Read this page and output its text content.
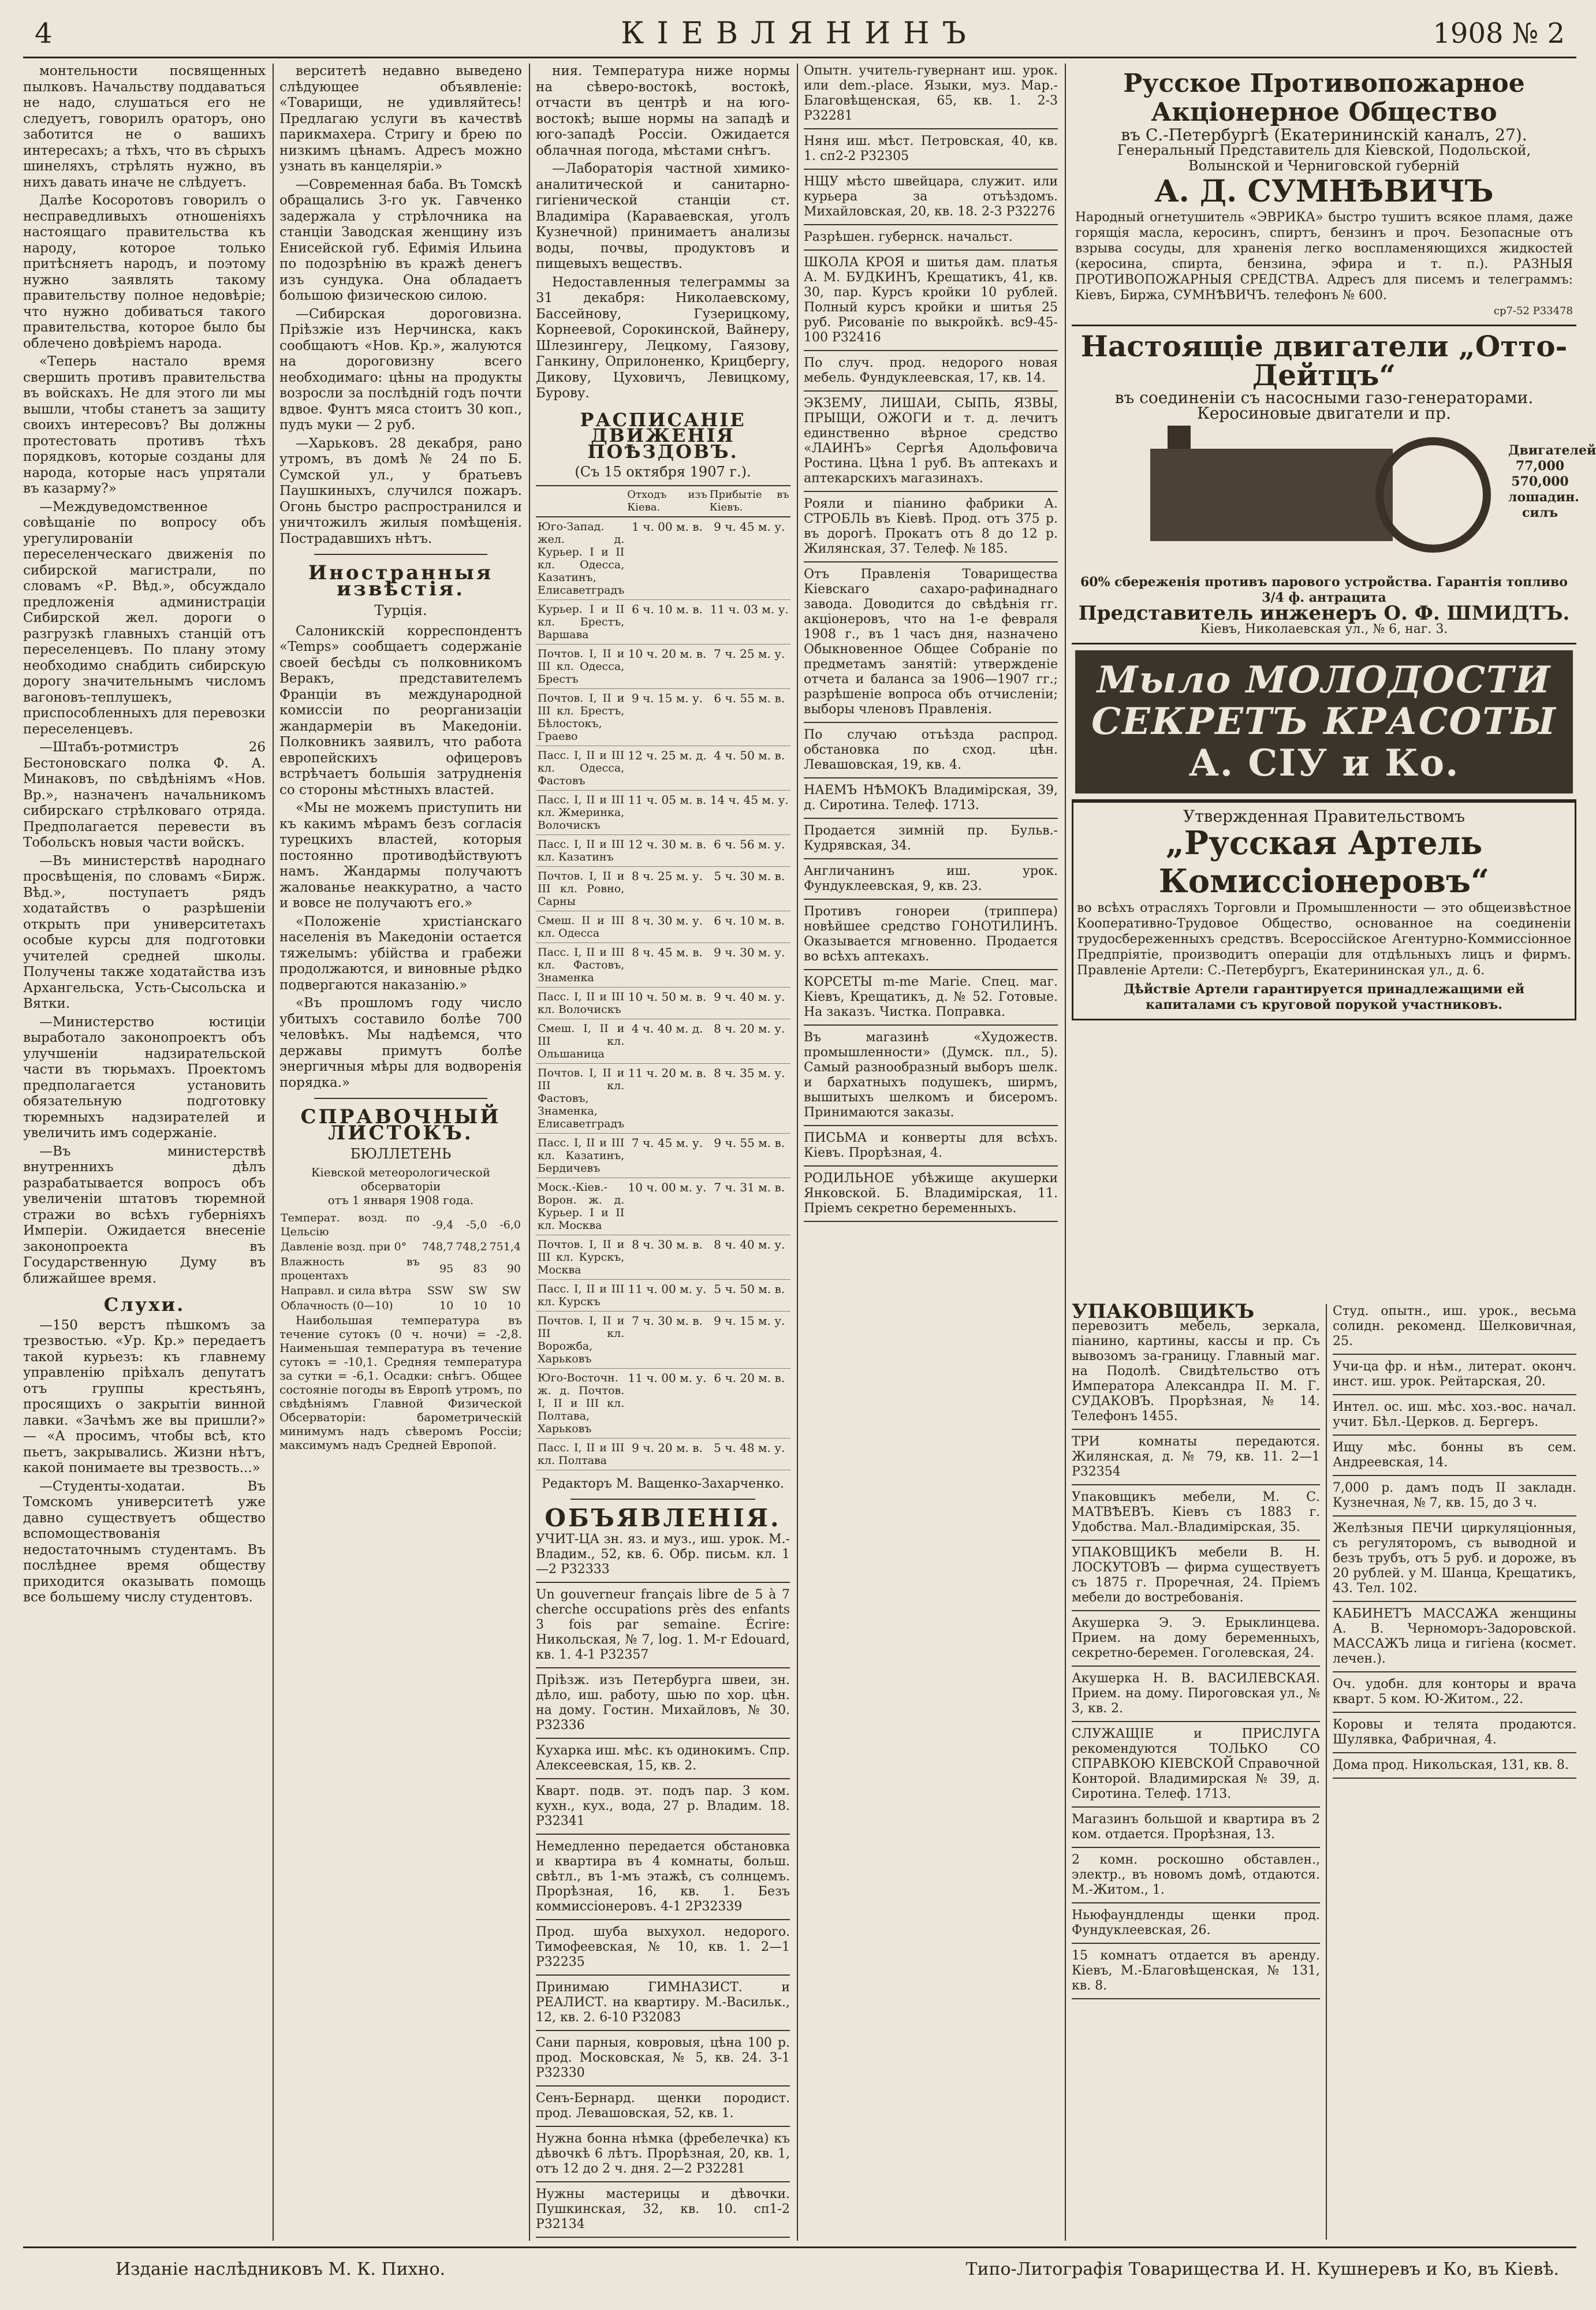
4	КІЕВЛЯНИНЪ	1908 № 2

монтельности посвященных пылковъ. Начальству поддаваться не надо, слушаться его не следуетъ, говорилъ ораторъ, оно заботится не о вашихъ интересахъ; а тѣхъ, что въ сѣрыхъ шинеляхъ, стрѣлять нужно, въ нихъ давать иначе не слѣдуетъ.

Далѣе Косоротовъ говорилъ о несправедливыхъ отношеніяхъ настоящаго правительства къ народу, которое только притѣсняетъ народъ, и поэтому нужно заявлять такому правительству полное недовѣріе; что нужно добиваться такого правительства, которое было бы облечено довѣріемъ народа.

«Теперь настало время свершить противъ правительства въ войскахъ. Не для этого ли мы вышли, чтобы станетъ за защиту своихъ интересовъ? Вы должны протестовать противъ тѣхъ порядковъ, которые созданы для народа, которые насъ упрятали въ казарму?»

—Междуведомственное совѣщаніе по вопросу объ урегулированіи переселенческаго движенія по сибирской магистрали, по словамъ «Р. Вѣд.», обсуждало предложенія администраціи Сибирской жел. дороги о разгрузкѣ главныхъ станцій отъ переселенцевъ. По плану этому необходимо снабдить сибирскую дорогу значительнымъ числомъ вагоновъ-теплушекъ, приспособленныхъ для перевозки переселенцевъ.

—Штабъ-ротмистръ 26 Бестоновскаго полка Ф. А. Минаковъ, по свѣдѣніямъ «Нов. Вр.», назначенъ начальникомъ сибирскаго стрѣлковаго отряда. Предполагается перевести въ Тобольскъ новыя части войскъ.

—Въ министерствѣ народнаго просвѣщенія, по словамъ «Бирж. Вѣд.», поступаетъ рядъ ходатайствъ о разрѣшеніи открыть при университетахъ особые курсы для подготовки учителей средней школы. Получены также ходатайства изъ Архангельска, Усть-Сысольска и Вятки.

—Министерство юстиціи выработало законопроектъ объ улучшеніи надзирательской части въ тюрьмахъ. Проектомъ предполагается установить обязательную подготовку тюремныхъ надзирателей и увеличить имъ содержаніе.

—Въ министерствѣ внутреннихъ дѣлъ разрабатывается вопросъ объ увеличеніи штатовъ тюремной стражи во всѣхъ губерніяхъ Имперіи. Ожидается внесеніе законопроекта въ Государственную Думу въ ближайшее время.

Слухи.

—150 верстъ пѣшкомъ за трезвостью. «Ур. Кр.» передаетъ такой курьезъ: къ главнему управленію пріѣхалъ депутатъ отъ группы крестьянъ, просящихъ о закрытіи винной лавки. «Зачѣмъ же вы пришли?» — «А просимъ, чтобы всѣ, кто пьетъ, закрывались. Жизни нѣтъ, какой понимаете вы трезвость...»

—Студенты-ходатаи. Въ Томскомъ университетѣ уже давно существуетъ общество вспомоществованія недостаточнымъ студентамъ. Въ послѣднее время обществу приходится оказывать помощь все большему числу студентовъ.

верситетѣ недавно выведено слѣдующее объявленіе: «Товарищи, не удивляйтесь! Предлагаю услуги въ качествѣ парикмахера. Стригу и брею по низкимъ цѣнамъ. Адресъ можно узнать въ канцеляріи.»

—Современная баба. Въ Томскѣ обращались 3-го ук. Гавченко задержала у стрѣлочника на станціи Заводская женщину изъ Енисейской губ. Ефимія Ильина по подозрѣнію въ кражѣ денегъ изъ сундука. Она обладаетъ большою физическою силою.

—Сибирская дороговизна. Пріѣзжіе изъ Нерчинска, какъ сообщаютъ «Нов. Кр.», жалуются на дороговизну всего необходимаго: цѣны на продукты возросли за послѣдній годъ почти вдвое. Фунтъ мяса стоитъ 30 коп., пудъ муки — 2 руб.

—Харьковъ. 28 декабря, рано утромъ, въ домѣ № 24 по Б. Сумской ул., у братьевъ Паушкиныхъ, случился пожаръ. Огонь быстро распространился и уничтожилъ жилыя помѣщенія. Пострадавшихъ нѣтъ.

Иностранныя извѣстія.
Турція.

Салоникскій корреспондентъ «Temps» сообщаетъ содержаніе своей бесѣды съ полковникомъ Веракъ, представителемъ Франціи въ международной комиссіи по реорганизаціи жандармеріи въ Македоніи. Полковникъ заявилъ, что работа европейскихъ офицеровъ встрѣчаетъ большія затрудненія со стороны мѣстныхъ властей.

«Мы не можемъ приступить ни къ какимъ мѣрамъ безъ согласія турецкихъ властей, которыя постоянно противодѣйствуютъ намъ. Жандармы получаютъ жалованье неаккуратно, а часто и вовсе не получаютъ его.»

«Положеніе христіанскаго населенія въ Македоніи остается тяжелымъ: убійства и грабежи продолжаются, и виновные рѣдко подвергаются наказанію.»

«Въ прошломъ году число убитыхъ составило болѣе 700 человѣкъ. Мы надѣемся, что державы примутъ болѣе энергичныя мѣры для водворенія порядка.»

СПРАВОЧНЫЙ ЛИСТОКЪ.
БЮЛЛЕТЕНЬ
Кіевской метеорологической обсерваторіи
отъ 1 января 1908 года.
Температ. возд. по Цельсію	-9,4	-5,0	-6,0
Давленіе возд. при 0°	748,7	748,2	751,4
Влажность въ процентахъ	95	83	90
Направл. и сила вѣтра	SSW	SW	SW
Облачность (0—10)	10	10	10

Наибольшая температура въ течение сутокъ (0 ч. ночи) = -2,8. Наименьшая температура въ течение сутокъ = -10,1. Средняя температура за сутки = -6,1. Осадки: снѣгъ. Общее состояніе погоды въ Европѣ утромъ, по свѣдѣніямъ Главной Физической Обсерваторіи: барометрическій минимумъ надъ сѣверомъ Россіи; максимумъ надъ Средней Европой.

ния. Температура ниже нормы на сѣверо-востокѣ, востокѣ, отчасти въ центрѣ и на юго-востокѣ; выше нормы на западѣ и юго-западѣ Россіи. Ожидается облачная погода, мѣстами снѣгъ.

—Лабораторія частной химико-аналитической и санитарно-гигіенической станціи ст. Владимiра (Караваевская, уголъ Кузнечной) принимаетъ анализы воды, почвы, продуктовъ и пищевыхъ веществъ.

Недоставленныя телеграммы за 31 декабря: Николаевскому, Бассейнову, Гузерицкому, Корнеевой, Сорокинской, Вайнеру, Шлезингеру, Лецкому, Гаязову, Ганкину, Оприлоненко, Крицбергу, Дикову, Цуховичъ, Левицкому, Бурову.

РАСПИСАНІЕ ДВИЖЕНІЯ ПОѢЗДОВЪ.
(Съ 15 октября 1907 г.).
	Отходъ изъ Кіева.	Прибытіе въ Кіевъ.
Юго-Запад. жел. д. Курьер. I и II кл. Одесса, Казатинъ, Елисаветградъ	1 ч. 00 м. в.	9 ч. 45 м. у.
Курьер. I и II кл. Брестъ, Варшава	6 ч. 10 м. в.	11 ч. 03 м. у.
Почтов. I, II и III кл. Одесса, Брестъ	10 ч. 20 м. в.	7 ч. 25 м. у.
Почтов. I, II и III кл. Брестъ, Бѣлостокъ, Граево	9 ч. 15 м. у.	6 ч. 55 м. в.
Пасс. I, II и III кл. Одесса, Фастовъ	12 ч. 25 м. д.	4 ч. 50 м. в.
Пасс. I, II и III кл. Жмеринка, Волочискъ	11 ч. 05 м. в.	14 ч. 45 м. у.
Пасс. I, II и III кл. Казатинъ	12 ч. 30 м. в.	6 ч. 56 м. у.
Почтов. I, II и III кл. Ровно, Сарны	8 ч. 25 м. у.	5 ч. 30 м. в.
Смеш. II и III кл. Одесса	8 ч. 30 м. у.	6 ч. 10 м. в.
Пасс. I, II и III кл. Фастовъ, Знаменка	8 ч. 45 м. в.	9 ч. 30 м. у.
Пасс. I, II и III кл. Волочискъ	10 ч. 50 м. в.	9 ч. 40 м. у.
Смеш. I, II и III кл. Ольшаница	4 ч. 40 м. д.	8 ч. 20 м. у.
Почтов. I, II и III кл. Фастовъ, Знаменка, Елисаветградъ	11 ч. 20 м. в.	8 ч. 35 м. у.
Пасс. I, II и III кл. Казатинъ, Бердичевъ	7 ч. 45 м. у.	9 ч. 55 м. в.
Моск.-Кіев.-Ворон. ж. д. Курьер. I и II кл. Москва	10 ч. 00 м. у.	7 ч. 31 м. в.
Почтов. I, II и III кл. Курскъ, Москва	8 ч. 30 м. в.	8 ч. 40 м. у.
Пасс. I, II и III кл. Курскъ	11 ч. 00 м. у.	5 ч. 50 м. в.
Почтов. I, II и III кл. Ворожба, Харьковъ	7 ч. 30 м. в.	9 ч. 15 м. у.
Юго-Восточн. ж. д. Почтов. I, II и III кл. Полтава, Харьковъ	11 ч. 00 м. у.	6 ч. 20 м. в.
Пасс. I, II и III кл. Полтава	9 ч. 20 м. в.	5 ч. 48 м. у.
Редакторъ М. Ващенко-Захарченко.
ОБЪЯВЛЕНІЯ.
УЧИТ-ЦА зн. яз. и муз., иш. урок. М.-Владим., 52, кв. 6. Обр. письм. кл. 1—2 Р32333
Un gouverneur français libre de 5 à 7 cherche occupations près des enfants 3 fois par semaine. Écrire: Никольская, № 7, log. 1. M-r Edouard, кв. 1. 4-1 Р32357
Пріѣзж. изъ Петербурга швеи, зн. дѣло, иш. работу, шью по хор. цѣн. на дому. Гостин. Михайловъ, № 30. Р32336
Кухарка иш. мѣс. къ одинокимъ. Спр. Алексеевская, 15, кв. 2.
Кварт. подв. эт. подъ пар. 3 ком. кухн., кух., вода, 27 р. Владим. 18. Р32341
Немедленно передается обстановка и квартира въ 4 комнаты, больш. свѣтл., въ 1-мъ этажѣ, съ солнцемъ. Прорѣзная, 16, кв. 1. Безъ коммиссіонеровъ. 4-1 2Р32339
Прод. шуба выхухол. недорого. Тимофеевская, № 10, кв. 1. 2—1 Р32235
Принимаю ГИМНАЗИСТ. и РЕАЛИСТ. на квартиру. М.-Васильк., 12, кв. 2. 6-10 Р32083
Сани парныя, ковровыя, цѣна 100 р. прод. Московская, № 5, кв. 24. 3-1 Р32330
Сенъ-Бернард. щенки породист. прод. Левашовская, 52, кв. 1.
Нужна бонна нѣмка (фребелечка) къ дѣвочкѣ 6 лѣтъ. Прорѣзная, 20, кв. 1, отъ 12 до 2 ч. дня. 2—2 Р32281
Нужны мастерицы и дѣвочки. Пушкинская, 32, кв. 10. сп1-2 Р32134
Опытн. учитель-гувернант иш. урок. или dem.-place. Языки, муз. Мар.-Благовѣщенская, 65, кв. 1. 2-3 Р32281
Няня иш. мѣст. Петровская, 40, кв. 1. сп2-2 Р32305
НЩУ мѣсто швейцара, служит. или курьера за отъѣздомъ. Михайловская, 20, кв. 18. 2-3 Р32276
Разрѣшен. губернск. начальст.
ШКОЛА КРОЯ и шитья дам. платья А. М. БУДКИНЪ, Крещатикъ, 41, кв. 30, пар. Курсъ кройки 10 рублей. Полный курсъ кройки и шитья 25 руб. Рисованіе по выкройкѣ. вс9-45-100 Р32416
По случ. прод. недорого новая мебель. Фундуклеевская, 17, кв. 14.
ЭКЗЕМУ, ЛИШАИ, СЫПЬ, ЯЗВЫ, ПРЫЩИ, ОЖОГИ и т. д. лечитъ единственно вѣрное средство «ЛАИНЪ» Сергѣя Адольфовича Ростина. Цѣна 1 руб. Въ аптекахъ и аптекарскихъ магазинахъ.
Рояли и піанино фабрики А. СТРОБЛЬ въ Кіевѣ. Прод. отъ 375 р. въ дорогѣ. Прокатъ отъ 8 до 12 р. Жилянская, 37. Телеф. № 185.
Отъ Правленія Товарищества Кіевскаго сахаро-рафинаднаго завода. Доводится до свѣдѣнія гг. акціонеровъ, что на 1-е февраля 1908 г., въ 1 часъ дня, назначено Обыкновенное Общее Собраніе по предметамъ занятій: утвержденіе отчета и баланса за 1906—1907 гг.; разрѣшеніе вопроса объ отчисленіи; выборы членовъ Правленія.
По случаю отъѣзда распрод. обстановка по сход. цѣн. Левашовская, 19, кв. 4.
НАЕМЪ НѢМОКЪ Владимірская, 39, д. Сиротина. Телеф. 1713.
Продается зимній пр. Бульв.-Кудрявская, 34.
Англичанинъ иш. урок. Фундуклеевская, 9, кв. 23.
Противъ гонореи (триппера) новѣйшее средство ГОНОТИЛИНЪ. Оказывается мгновенно. Продается во всѣхъ аптекахъ.
КОРСЕТЫ m-me Marie. Спец. маг. Кіевъ, Крещатикъ, д. № 52. Готовые. На заказъ. Чистка. Поправка.
Въ магазинѣ «Художеств. промышленности» (Думск. пл., 5). Самый разнообразный выборъ шелк. и бархатныхъ подушекъ, ширмъ, вышитыхъ шелкомъ и бисеромъ. Принимаются заказы.
ПИСЬМА и конверты для всѣхъ. Кіевъ. Прорѣзная, 4.
РОДИЛЬНОЕ убѣжище акушерки Янковской. Б. Владимірская, 11. Пріемъ секретно беременныхъ.
Русское Противопожарное Акціонерное Общество
въ С.-Петербургѣ (Екатерининскій каналъ, 27).
Генеральный Представитель для Кіевской, Подольской, Волынской и Черниговской губерній
А. Д. СУМНѢВИЧЪ
Народный огнетушитель «ЭВРИКА» быстро тушитъ всякое пламя, даже горящія масла, керосинъ, спиртъ, бензинъ и проч. Безопасные отъ взрыва сосуды, для храненія легко воспламеняющихся жидкостей (керосина, спирта, бензина, эфира и т. п.). РАЗНЫЯ ПРОТИВОПОЖАРНЫЯ СРЕДСТВА. Адресъ для писемъ и телеграммъ: Кіевъ, Биржа, СУМНѢВИЧЪ. телефонъ № 600.
ср7-52 Р33478
Настоящіе двигатели „Отто-Дейтцъ“
въ соединеніи съ насосными газо-генераторами. Керосиновые двигатели и пр.
Двигателей 77,000
570,000 лошадин. силъ
60% сбереженія противъ парового устройства. Гарантія топливо 3/4 ф. антрацита
Представитель инженеръ О. Ф. ШМИДТЪ.
Кіевъ, Николаевская ул., № 6, наг. 3.
Мыло МОЛОДОСТИ СЕКРЕТЪ КРАСОТЫ А. СІУ и Ко.
Утвержденная Правительствомъ
„Русская Артель Комиссіонеровъ“
во всѣхъ отрасляхъ Торговли и Промышленности — это общеизвѣстное Кооперативно-Трудовое Общество, основанное на соединеніи трудосбереженныхъ средствъ. Всероссійское Агентурно-Коммиссіонное Предпріятіе, производитъ операціи для отдѣльныхъ лицъ и фирмъ. Правленіе Артели: С.-Петербургъ, Екатерининская ул., д. 6.
Дѣйствіе Артели гарантируется принадлежащими ей капиталами съ круговой порукой участниковъ.
УПАКОВЩИКЪ
перевозитъ мебель, зеркала, піанино, картины, кассы и пр. Съ вывозомъ за-границу. Главный маг. на Подолѣ. Свидѣтельство отъ Императора Александра II. М. Г. СУДАКОВЪ. Прорѣзная, № 14. Телефонъ 1455.
ТРИ комнаты передаются. Жилянская, д. № 79, кв. 11. 2—1 Р32354
Упаковщикъ мебели, М. С. МАТВѢЕВЪ. Кіевъ съ 1883 г. Удобства. Мал.-Владимірская, 35.
УПАКОВЩИКЪ мебели В. Н. ЛОСКУТОВЪ — фирма существуетъ съ 1875 г. Проречная, 24. Пріемъ мебели до востребованія.
Акушерка Э. Э. Ерыклинцева. Прием. на дому беременныхъ, секретно-беремен. Гоголевская, 24.
Акушерка Н. В. ВАСИЛЕВСКАЯ. Прием. на дому. Пироговская ул., № 3, кв. 2.
СЛУЖАЩІЕ и ПРИСЛУГА рекомендуются ТОЛЬКО СО СПРАВКОЮ КІЕВСКОЙ Справочной Конторой. Владимирская № 39, д. Сиротина. Телеф. 1713.
Магазинъ большой и квартира въ 2 ком. отдается. Прорѣзная, 13.
2 комн. роскошно обставлен., электр., въ новомъ домѣ, отдаются. М.-Житом., 1.
Ньюфаундленды щенки прод. Фундуклеевская, 26.
15 комнатъ отдается въ аренду. Кіевъ, М.-Благовѣщенская, № 131, кв. 8.
Студ. опытн., иш. урок., весьма солидн. рекоменд. Шелковичная, 25.
Учи-ца фр. и нѣм., литерат. оконч. инст. иш. урок. Рейтарская, 20.
Интел. ос. иш. мѣс. хоз.-вос. начал. учит. Бѣл.-Церков. д. Бергеръ.
Ищу мѣс. бонны въ сем. Андреевская, 14.
7,000 р. дамъ подъ II закладн. Кузнечная, № 7, кв. 15, до 3 ч.
Желѣзныя ПЕЧИ циркуляціонныя, съ регуляторомъ, съ выводной и безъ трубъ, отъ 5 руб. и дороже, въ 20 рублей. у М. Шанца, Крещатикъ, 43. Тел. 102.
КАБИНЕТЪ МАССАЖА женщины А. В. Черноморъ-Задоровской. МАССАЖЪ лица и гигіена (космет. лечен.).
Оч. удобн. для конторы и врача кварт. 5 ком. Ю-Житом., 22.
Коровы и телята продаются. Шулявка, Фабричная, 4.
Дома прод. Никольская, 131, кв. 8.
Изданіе наслѣдниковъ М. К. Пихно.	Типо-Литографія Товарищества И. Н. Кушнеревъ и Ко, въ Кіевѣ.
